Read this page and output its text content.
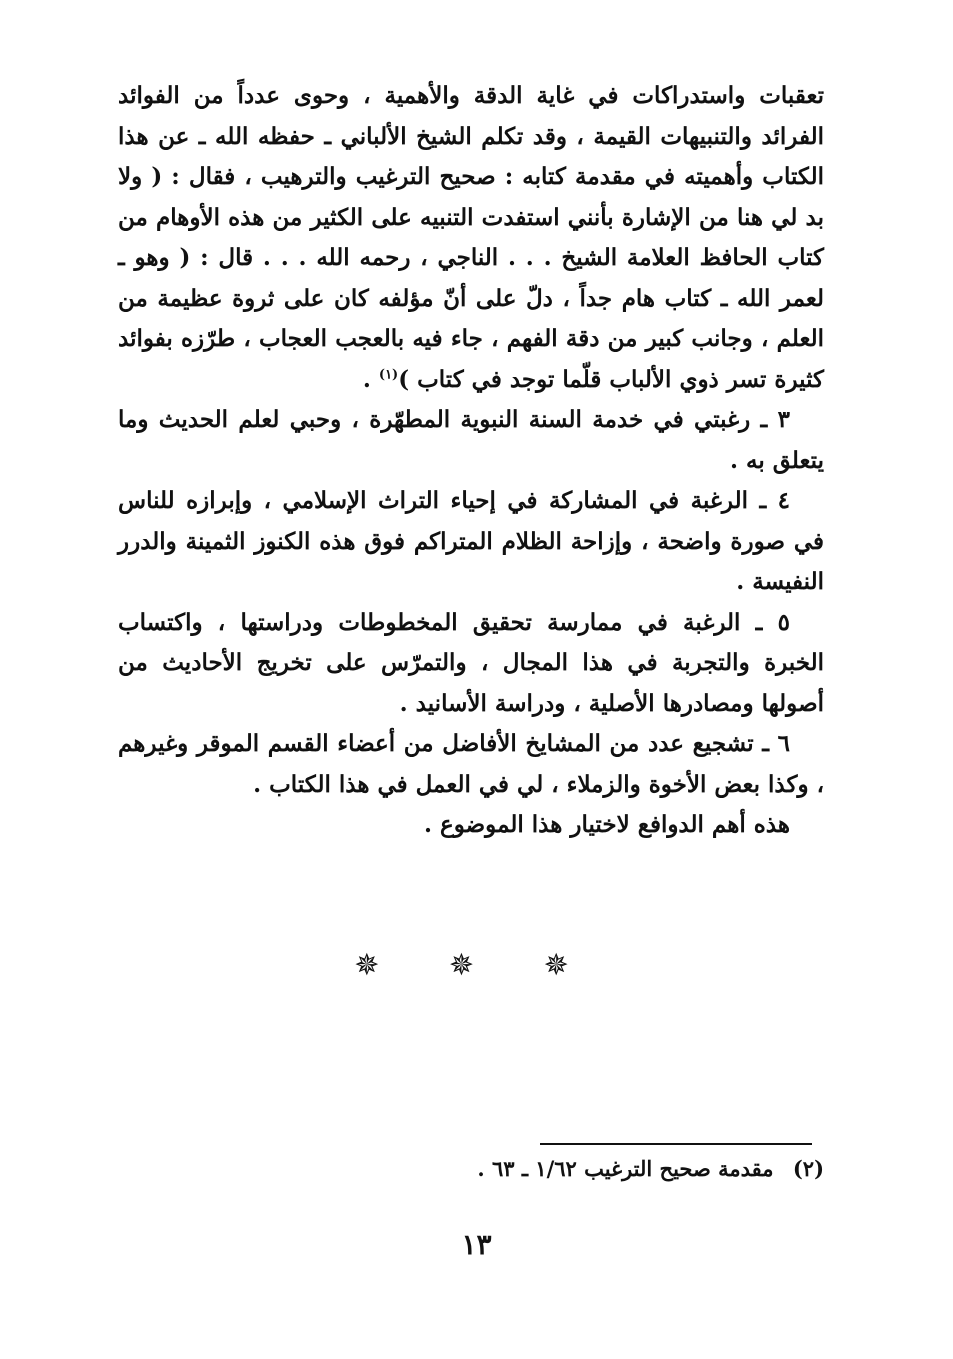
تعقبات واستدراكات في غاية الدقة والأهمية ، وحوى عدداً من الفوائد الفرائد والتنبيهات القيمة ، وقد تكلم الشيخ الألباني ـ حفظه الله ـ عن هذا الكتاب وأهميته في مقدمة كتابه : صحيح الترغيب والترهيب ، فقال : ( ولا بد لي هنا من الإشارة بأنني استفدت التنبيه على الكثير من هذه الأوهام من كتاب الحافظ العلامة الشيخ . . . الناجي ، رحمه الله . . . قال : ( وهو ـ لعمر الله ـ كتاب هام جداً ، دلّ على أنّ مؤلفه كان على ثروة عظيمة من العلم ، وجانب كبير من دقة الفهم ، جاء فيه بالعجب العجاب ، طرّزه بفوائد كثيرة تسر ذوي الألباب قلّما توجد في كتاب )$^{(١)}$ .

٣ ـ رغبتي في خدمة السنة النبوية المطهّرة ، وحبي لعلم الحديث وما يتعلق به .

٤ ـ الرغبة في المشاركة في إحياء التراث الإسلامي ، وإبرازه للناس في صورة واضحة ، وإزاحة الظلام المتراكم فوق هذه الكنوز الثمينة والدرر النفيسة .

٥ ـ الرغبة في ممارسة تحقيق المخطوطات ودراستها ، واكتساب الخبرة والتجربة في هذا المجال ، والتمرّس على تخريج الأحاديث من أصولها ومصادرها الأصلية ، ودراسة الأسانيد .

٦ ـ تشجيع عدد من المشايخ الأفاضل من أعضاء القسم الموقر وغيرهم ، وكذا بعض الأخوة والزملاء ، لي في العمل في هذا الكتاب .

هذه أهم الدوافع لاختيار هذا الموضوع .

✵ ✵ ✵
(٢) مقدمة صحيح الترغيب ١/٦٢ ـ ٦٣ .
١٣
